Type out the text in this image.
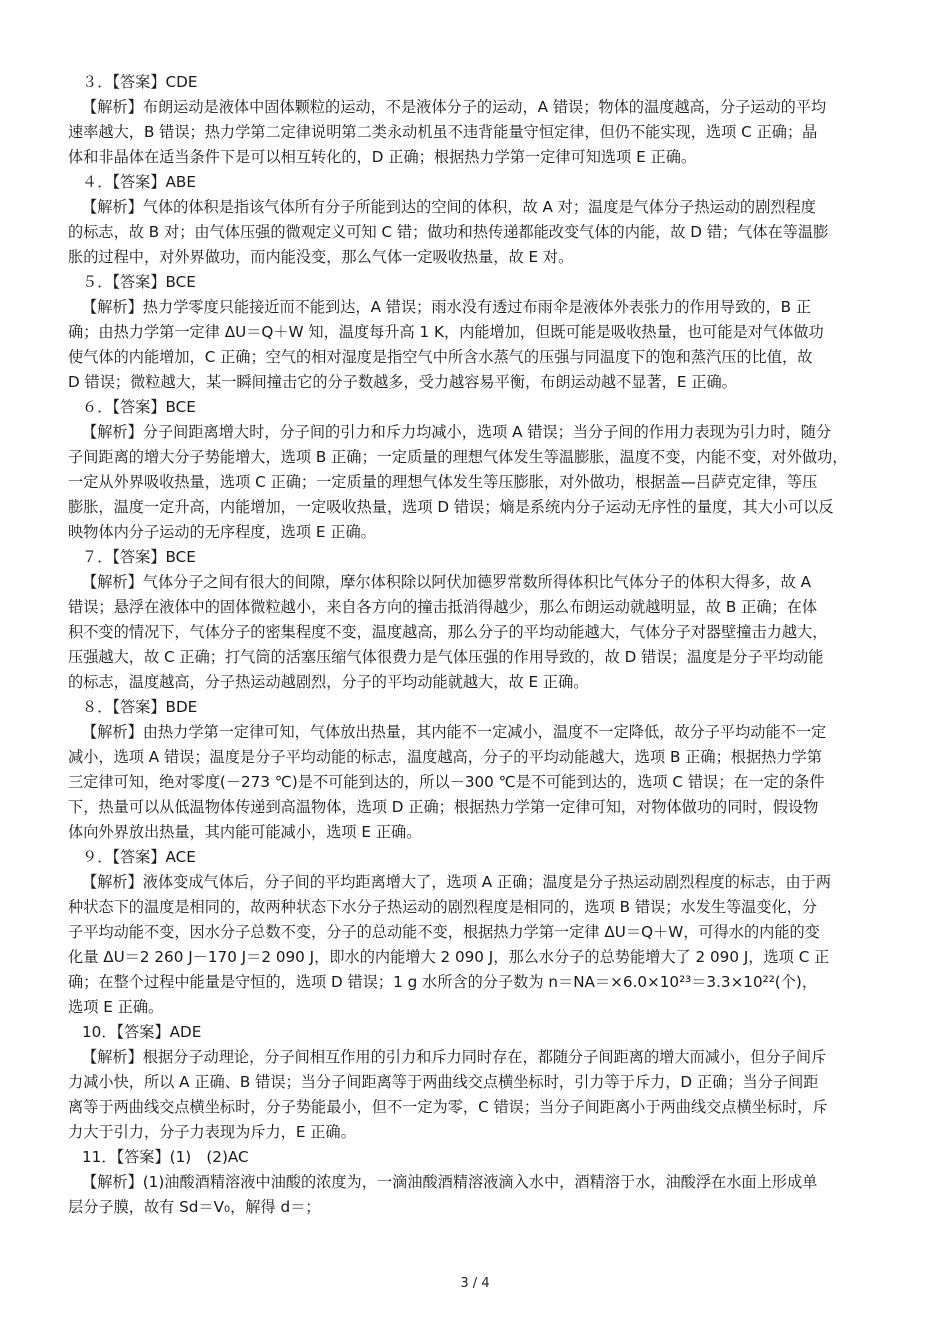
３．【答案】CDE
【解析】布朗运动是液体中固体颗粒的运动，不是液体分子的运动，A 错误；物体的温度越高，分子运动的平均
速率越大，B 错误；热力学第二定律说明第二类永动机虽不违背能量守恒定律，但仍不能实现，选项 C 正确；晶
体和非晶体在适当条件下是可以相互转化的，D 正确；根据热力学第一定律可知选项 E 正确。
４．【答案】ABE
【解析】气体的体积是指该气体所有分子所能到达的空间的体积，故 A 对；温度是气体分子热运动的剧烈程度
的标志，故 B 对；由气体压强的微观定义可知 C 错；做功和热传递都能改变气体的内能，故 D 错；气体在等温膨
胀的过程中，对外界做功，而内能没变，那么气体一定吸收热量，故 E 对。
５．【答案】BCE
【解析】热力学零度只能接近而不能到达，A 错误；雨水没有透过布雨伞是液体外表张力的作用导致的，B 正
确；由热力学第一定律 ΔU＝Q＋W 知，温度每升高 1 K，内能增加，但既可能是吸收热量，也可能是对气体做功
使气体的内能增加，C 正确；空气的相对湿度是指空气中所含水蒸气的压强与同温度下的饱和蒸汽压的比值，故
D 错误；微粒越大，某一瞬间撞击它的分子数越多，受力越容易平衡，布朗运动越不显著，E 正确。
６．【答案】BCE
【解析】分子间距离增大时，分子间的引力和斥力均减小，选项 A 错误；当分子间的作用力表现为引力时，随分
子间距离的增大分子势能增大，选项 B 正确；一定质量的理想气体发生等温膨胀，温度不变，内能不变，对外做功，
一定从外界吸收热量，选项 C 正确；一定质量的理想气体发生等压膨胀，对外做功，根据盖—吕萨克定律，等压
膨胀，温度一定升高，内能增加，一定吸收热量，选项 D 错误；熵是系统内分子运动无序性的量度，其大小可以反
映物体内分子运动的无序程度，选项 E 正确。
７．【答案】BCE
【解析】气体分子之间有很大的间隙，摩尔体积除以阿伏加德罗常数所得体积比气体分子的体积大得多，故 A
错误；悬浮在液体中的固体微粒越小，来自各方向的撞击抵消得越少，那么布朗运动就越明显，故 B 正确；在体
积不变的情况下，气体分子的密集程度不变，温度越高，那么分子的平均动能越大，气体分子对器壁撞击力越大，
压强越大，故 C 正确；打气筒的活塞压缩气体很费力是气体压强的作用导致的，故 D 错误；温度是分子平均动能
的标志，温度越高，分子热运动越剧烈，分子的平均动能就越大，故 E 正确。
８．【答案】BDE
【解析】由热力学第一定律可知，气体放出热量，其内能不一定减小，温度不一定降低，故分子平均动能不一定
减小，选项 A 错误；温度是分子平均动能的标志，温度越高，分子的平均动能越大，选项 B 正确；根据热力学第
三定律可知，绝对零度(－273 ℃)是不可能到达的，所以－300 ℃是不可能到达的，选项 C 错误；在一定的条件
下，热量可以从低温物体传递到高温物体，选项 D 正确；根据热力学第一定律可知，对物体做功的同时，假设物
体向外界放出热量，其内能可能减小，选项 E 正确。
９．【答案】ACE
【解析】液体变成气体后，分子间的平均距离增大了，选项 A 正确；温度是分子热运动剧烈程度的标志，由于两
种状态下的温度是相同的，故两种状态下水分子热运动的剧烈程度是相同的，选项 B 错误；水发生等温变化，分
子平均动能不变，因水分子总数不变，分子的总动能不变，根据热力学第一定律 ΔU＝Q＋W，可得水的内能的变
化量 ΔU＝2 260 J－170 J＝2 090 J，即水的内能增大 2 090 J，那么水分子的总势能增大了 2 090 J，选项 C 正
确；在整个过程中能量是守恒的，选项 D 错误；1 g 水所含的分子数为 n＝NA＝×6.0×10²³＝3.3×10²²(个)，
选项 E 正确。
10．【答案】ADE
【解析】根据分子动理论，分子间相互作用的引力和斥力同时存在，都随分子间距离的增大而减小，但分子间斥
力减小快，所以 A 正确、B 错误；当分子间距离等于两曲线交点横坐标时，引力等于斥力，D 正确；当分子间距
离等于两曲线交点横坐标时，分子势能最小，但不一定为零，C 错误；当分子间距离小于两曲线交点横坐标时，斥
力大于引力，分子力表现为斥力，E 正确。
11．【答案】(1)　(2)AC
【解析】(1)油酸酒精溶液中油酸的浓度为，一滴油酸酒精溶液滴入水中，酒精溶于水，油酸浮在水面上形成单
层分子膜，故有 Sd＝V₀，解得 d＝；
3 / 4
